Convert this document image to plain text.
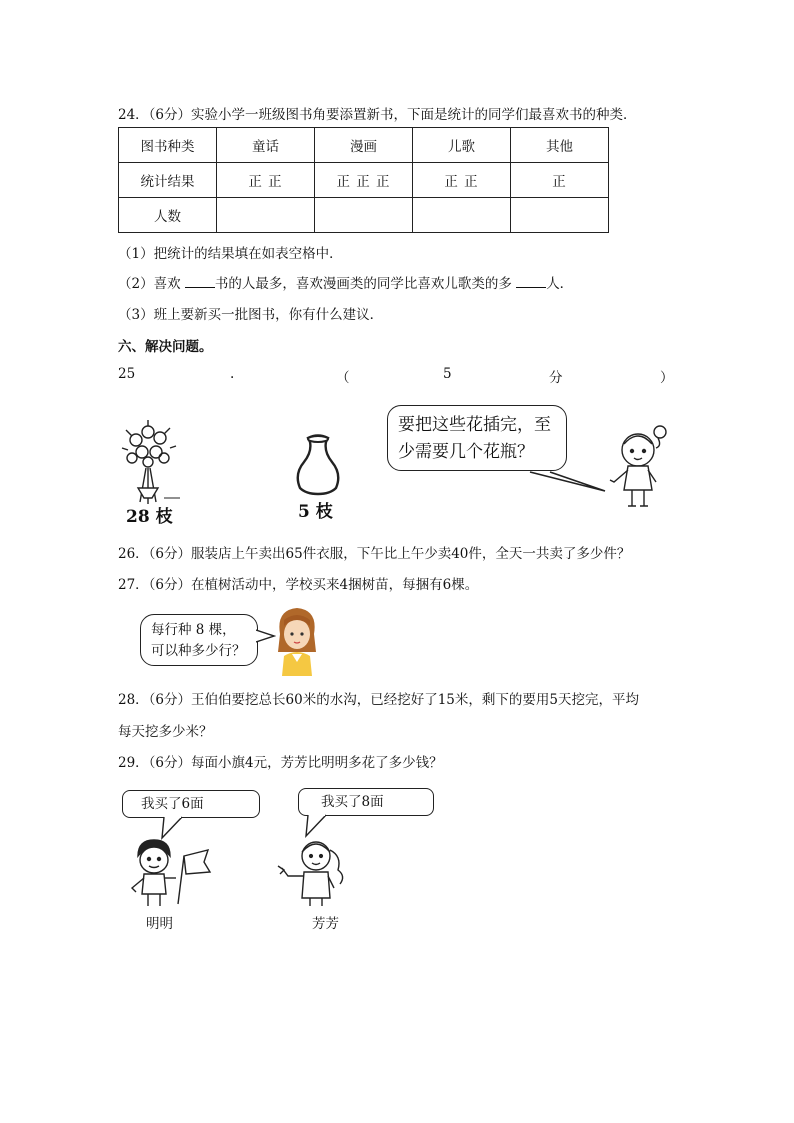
24．（6分）实验小学一班级图书角要添置新书，下面是统计的同学们最喜欢书的种类．
图书种类	童话	漫画	儿歌	其他
统计结果	正 正	正 正 正	正 正	正
人数				
（1）把统计的结果填在如表空格中．
（2）喜欢	书的人最多，喜欢漫画类的同学比喜欢儿歌类的多	人．
（3）班上要新买一批图书，你有什么建议．
六、解决问题。
25	.	（	5	分	）
28 枝	5 枝
要把这些花插完，至
少需要几个花瓶？
26．（6分）服装店上午卖出65件衣服，下午比上午少卖40件，全天一共卖了多少件？
27．（6分）在植树活动中，学校买来4捆树苗，每捆有6棵。
每行种 8 棵，
可以种多少行？
28．（6分）王伯伯要挖总长60米的水沟，已经挖好了15米，剩下的要用5天挖完，平均
每天挖多少米？
29．（6分）每面小旗4元，芳芳比明明多花了多少钱？
我买了6面	我买了8面
明明	芳芳
